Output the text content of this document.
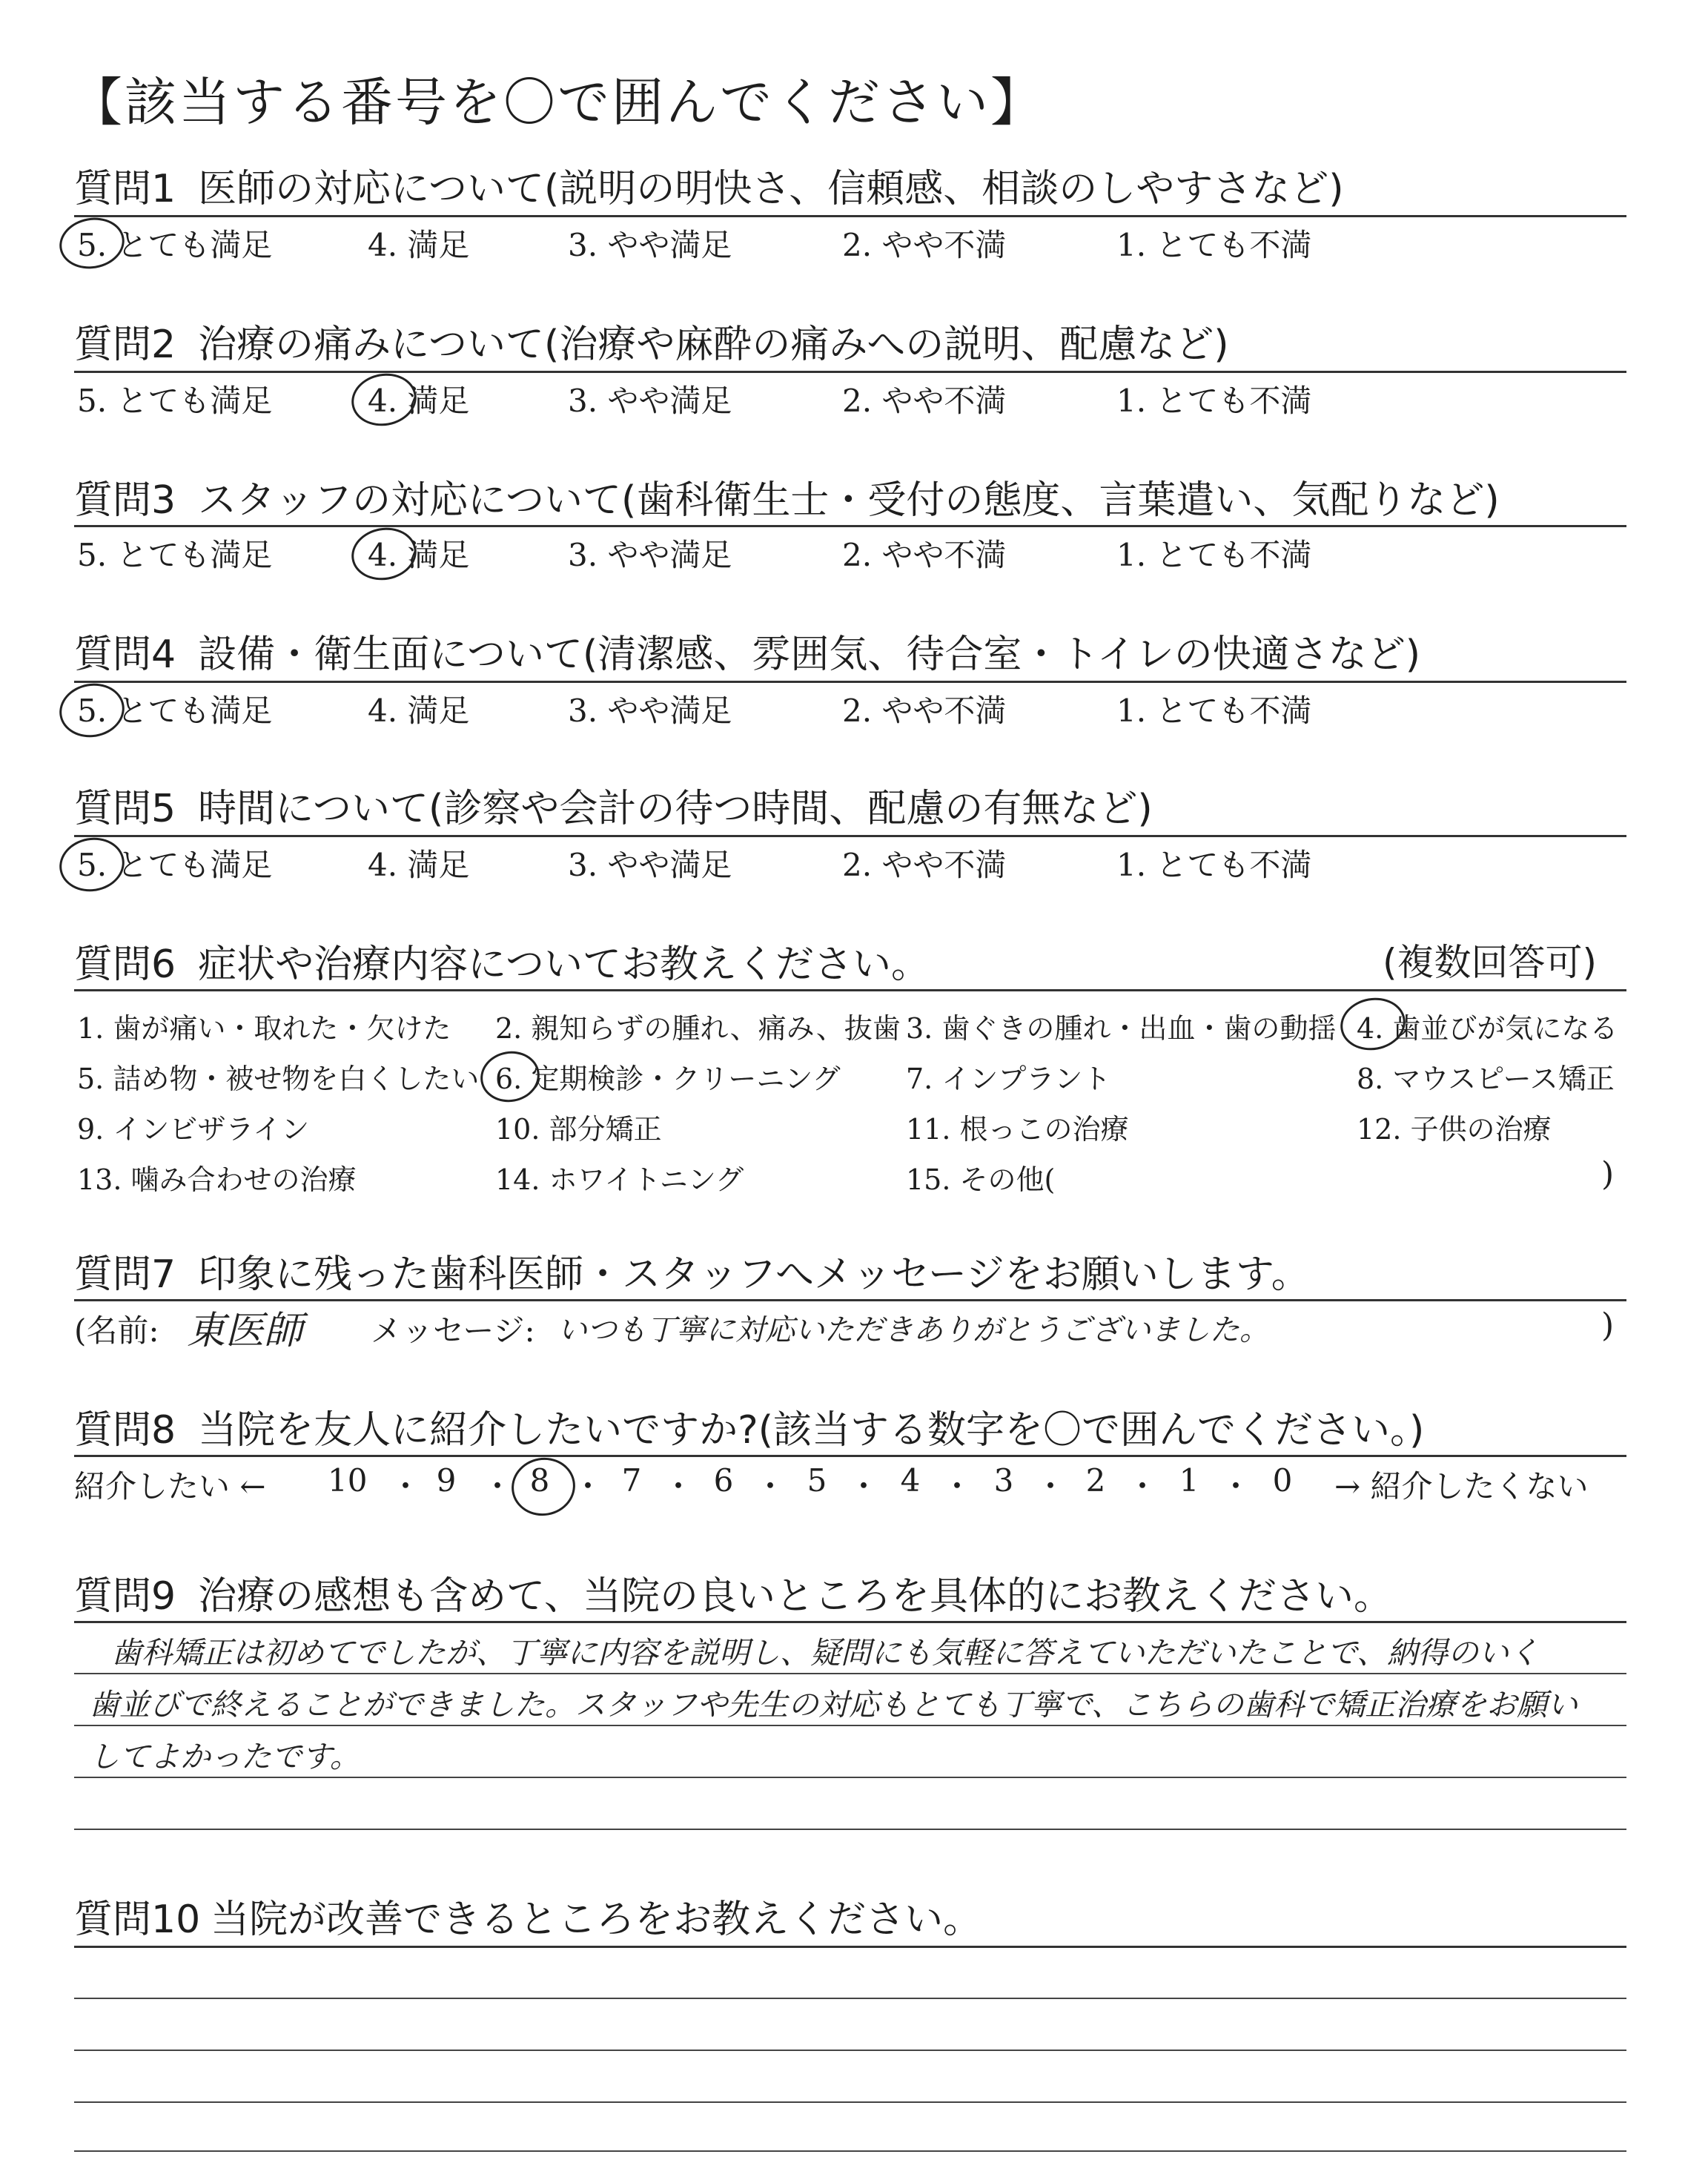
【該当する番号を〇で囲んでください】
質問1 医師の対応について(説明の明快さ、信頼感、相談のしやすさなど)
5. とても満足	4. 満足	3. やや満足	2. やや不満	1. とても不満
質問2 治療の痛みについて(治療や麻酔の痛みへの説明、配慮など)
5. とても満足	4. 満足	3. やや満足	2. やや不満	1. とても不満
質問3 スタッフの対応について(歯科衛生士・受付の態度、言葉遣い、気配りなど)
5. とても満足	4. 満足	3. やや満足	2. やや不満	1. とても不満
質問4 設備・衛生面について(清潔感、雰囲気、待合室・トイレの快適さなど)
5. とても満足	4. 満足	3. やや満足	2. やや不満	1. とても不満
質問5 時間について(診察や会計の待つ時間、配慮の有無など)
5. とても満足	4. 満足	3. やや満足	2. やや不満	1. とても不満
質問6 症状や治療内容についてお教えください。	(複数回答可)
1. 歯が痛い・取れた・欠けた 2. 親知らずの腫れ、痛み、抜歯 3. 歯ぐきの腫れ・出血・歯の動揺 4. 歯並びが気になる
5. 詰め物・被せ物を白くしたい 6. 定期検診・クリーニング 7. インプラント	8. マウスピース矯正
9. インビザライン	10. 部分矯正	11. 根っこの治療	12. 子供の治療
13. 噛み合わせの治療	14. ホワイトニング	15. その他(	)
質問7 印象に残った歯科医師・スタッフへメッセージをお願いします。
(名前: 東医師 メッセージ: いつも丁寧に対応いただきありがとうございました。	)
質問8 当院を友人に紹介したいですか?(該当する数字を〇で囲んでください。)
紹介したい ← 10 ・ 9 ・ 8 ・ 7 ・ 6 ・ 5 ・ 4 ・ 3 ・ 2 ・ 1 ・ 0 → 紹介したくない
質問9 治療の感想も含めて、当院の良いところを具体的にお教えください。
歯科矯正は初めてでしたが、丁寧に内容を説明し、疑問にも気軽に答えていただいたことで、納得のいく
歯並びで終えることができました。スタッフや先生の対応もとても丁寧で、こちらの歯科で矯正治療をお願い
してよかったです。
質問10 当院が改善できるところをお教えください。
